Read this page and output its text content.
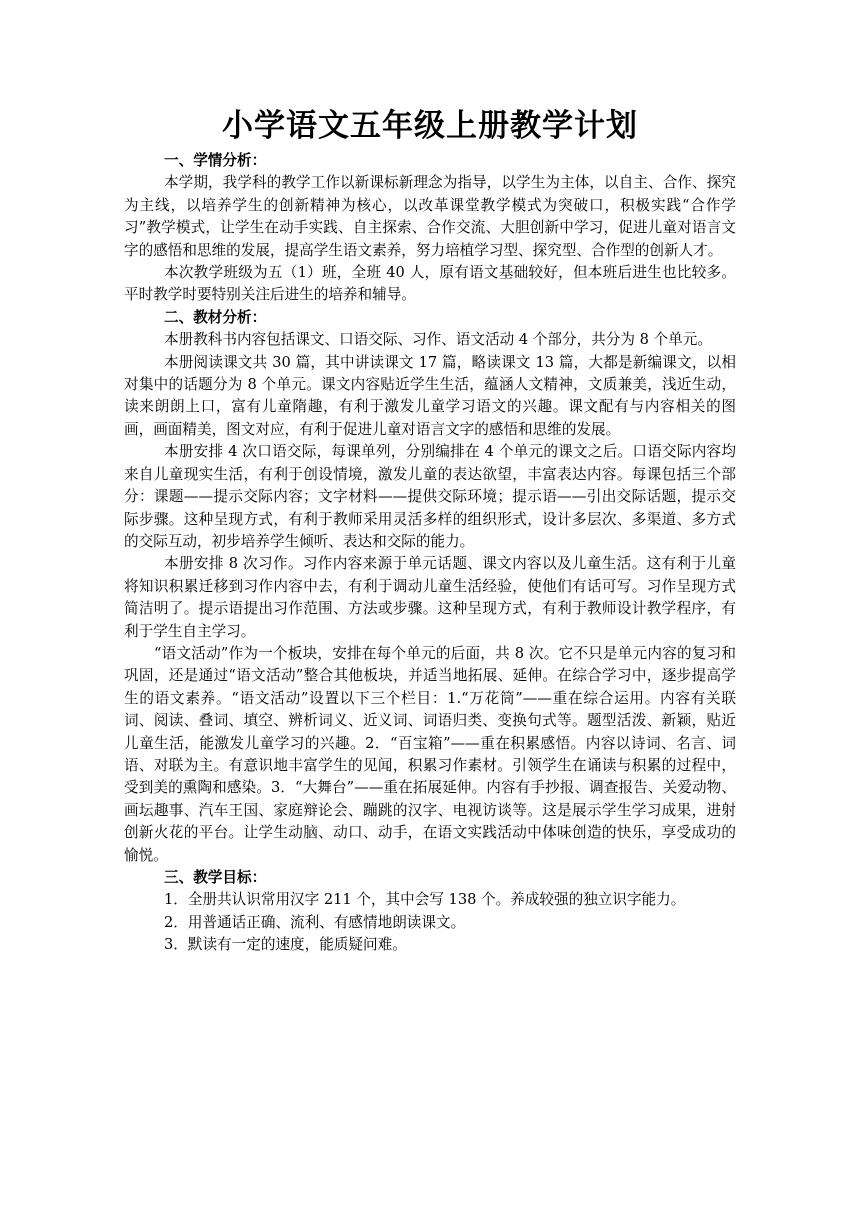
小学语文五年级上册教学计划

一、学情分析：

本学期，我学科的教学工作以新课标新理念为指导，以学生为主体，以自主、合作、探究为主线，以培养学生的创新精神为核心，以改革课堂教学模式为突破口，积极实践“合作学习”教学模式，让学生在动手实践、自主探索、合作交流、大胆创新中学习，促进儿童对语言文字的感悟和思维的发展，提高学生语文素养，努力培植学习型、探究型、合作型的创新人才。

本次教学班级为五（1）班，全班 40 人，原有语文基础较好，但本班后进生也比较多。平时教学时要特别关注后进生的培养和辅导。

二、教材分析：

本册教科书内容包括课文、口语交际、习作、语文活动 4 个部分，共分为 8 个单元。

本册阅读课文共 30 篇，其中讲读课文 17 篇，略读课文 13 篇，大都是新编课文，以相对集中的话题分为 8 个单元。课文内容贴近学生生活，蕴涵人文精神，文质兼美，浅近生动，读来朗朗上口，富有儿童隋趣，有利于激发儿童学习语文的兴趣。课文配有与内容相关的图画，画面精美，图文对应，有利于促进儿童对语言文字的感悟和思维的发展。

本册安排 4 次口语交际，每课单列，分别编排在 4 个单元的课文之后。口语交际内容均来自儿童现实生活，有利于创设情境，激发儿童的表达欲望，丰富表达内容。每课包括三个部分：课题——提示交际内容；文字材料——提供交际环境；提示语——引出交际话题，提示交际步骤。这种呈现方式，有利于教师采用灵活多样的组织形式，设计多层次、多渠道、多方式的交际互动，初步培养学生倾听、表达和交际的能力。

本册安排 8 次习作。习作内容来源于单元话题、课文内容以及儿童生活。这有利于儿童将知识积累迁移到习作内容中去，有利于调动儿童生活经验，使他们有话可写。习作呈现方式简洁明了。提示语提出习作范围、方法或步骤。这种呈现方式，有利于教师设计教学程序，有利于学生自主学习。

“语文活动”作为一个板块，安排在每个单元的后面，共 8 次。它不只是单元内容的复习和巩固，还是通过“语文活动”整合其他板块，并适当地拓展、延伸。在综合学习中，逐步提高学生的语文素养。“语文活动”设置以下三个栏目：1.“万花筒”——重在综合运用。内容有关联词、阅读、叠词、填空、辨析词义、近义词、词语归类、变换句式等。题型活泼、新颖，贴近儿童生活，能激发儿童学习的兴趣。2．“百宝箱”——重在积累感悟。内容以诗词、名言、词语、对联为主。有意识地丰富学生的见闻，积累习作素材。引领学生在诵读与积累的过程中，受到美的熏陶和感染。3．“大舞台”——重在拓展延伸。内容有手抄报、调查报告、关爱动物、画坛趣事、汽车王国、家庭辩论会、蹦跳的汉字、电视访谈等。这是展示学生学习成果，进射创新火花的平台。让学生动脑、动口、动手，在语文实践活动中体味创造的快乐，享受成功的愉悦。

三、教学目标：

1．全册共认识常用汉字 211 个，其中会写 138 个。养成较强的独立识字能力。

2．用普通话正确、流利、有感情地朗读课文。

3．默读有一定的速度，能质疑问难。
